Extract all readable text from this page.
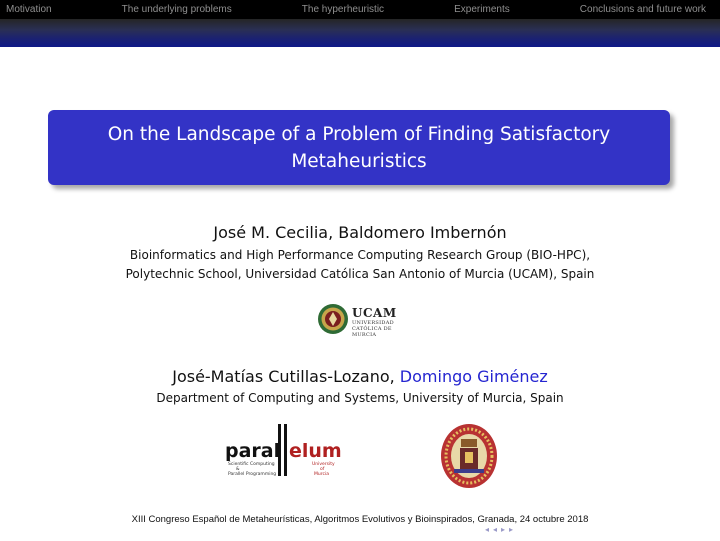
Motivation	The underlying problems	The hyperheuristic	Experiments	Conclusions and future work
On the Landscape of a Problem of Finding Satisfactory
Metaheuristics
José M. Cecilia, Baldomero Imbernón
Bioinformatics and High Performance Computing Research Group (BIO-HPC),
Polytechnic School, Universidad Católica San Antonio of Murcia (UCAM), Spain
UCAM
UNIVERSIDAD
CATÓLICA DE MURCIA
José-Matías Cutillas-Lozano, Domingo Giménez
Department of Computing and Systems, University of Murcia, Spain
paral elum
Scientific Computing
&
Parallel Programming
University
of
Murcia
XIII Congreso Español de Metaheurísticas, Algoritmos Evolutivos y Bioinspirados, Granada, 24 octubre 2018
◂ ◂ ▸ ▸
